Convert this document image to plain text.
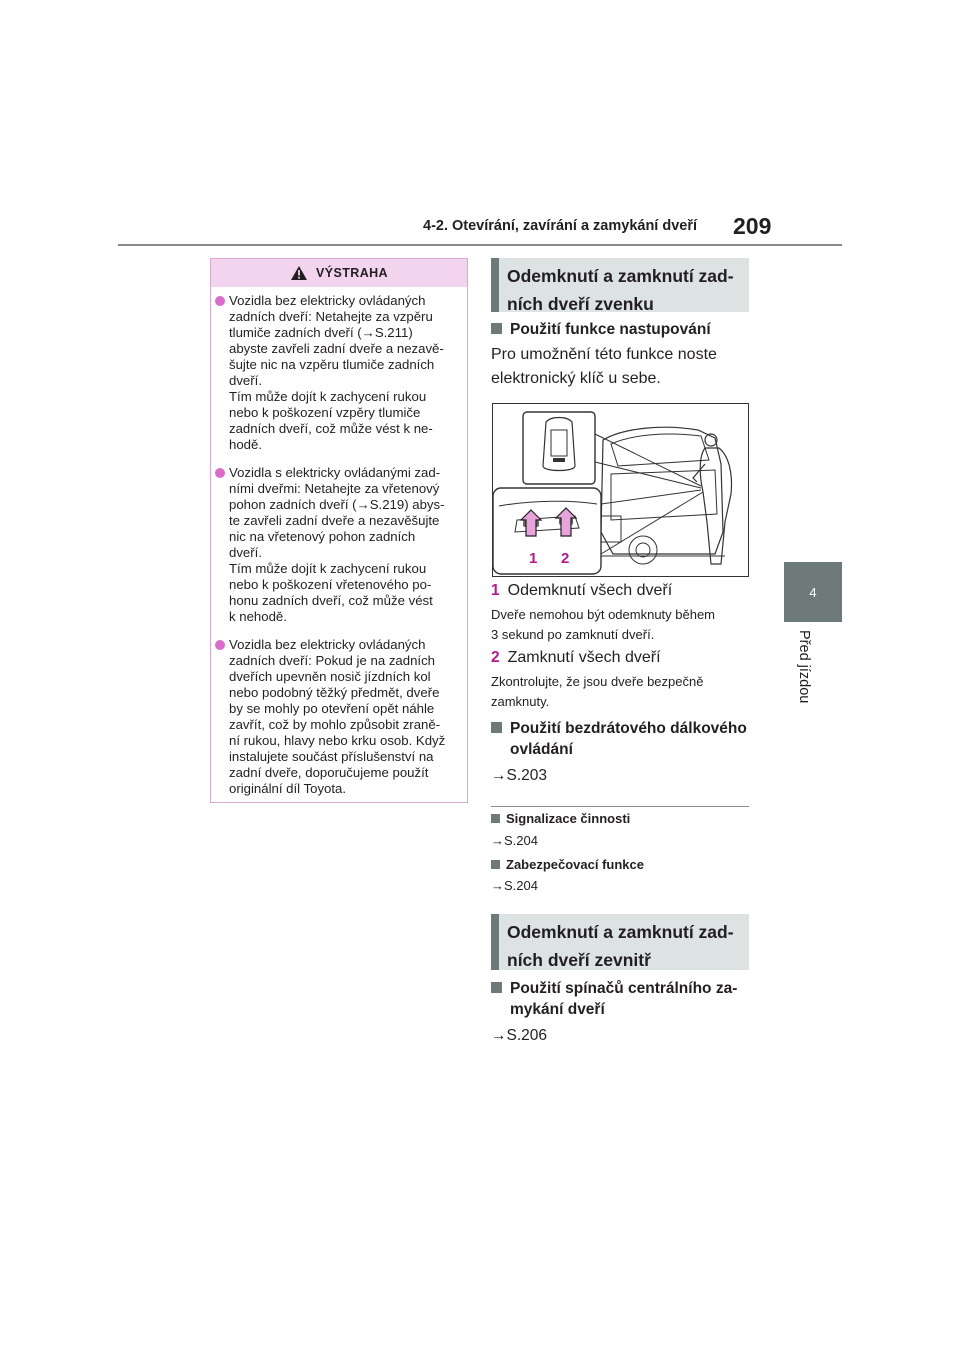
4-2. Otevírání, zavírání a zamykání dveří 209
4
Před jízdou
VÝSTRAHA
Vozidla bez elektricky ovládaných
zadních dveří: Netahejte za vzpěru
tlumiče zadních dveří (→S.211)
abyste zavřeli zadní dveře a nezavě-
šujte nic na vzpěru tlumiče zadních
dveří.
Tím může dojít k zachycení rukou
nebo k poškození vzpěry tlumiče
zadních dveří, což může vést k ne-
hodě.
Vozidla s elektricky ovládanými zad-
ními dveřmi: Netahejte za vřetenový
pohon zadních dveří (→S.219) abys-
te zavřeli zadní dveře a nezavěšujte
nic na vřetenový pohon zadních
dveří.
Tím může dojít k zachycení rukou
nebo k poškození vřetenového po-
honu zadních dveří, což může vést
k nehodě.
Vozidla bez elektricky ovládaných
zadních dveří: Pokud je na zadních
dveřích upevněn nosič jízdních kol
nebo podobný těžký předmět, dveře
by se mohly po otevření opět náhle
zavřít, což by mohlo způsobit zraně-
ní rukou, hlavy nebo krku osob. Když
instalujete součást příslušenství na
zadní dveře, doporučujeme použít
originální díl Toyota.
Odemknutí a zamknutí zad-
ních dveří zvenku
Použití funkce nastupování
Pro umožnění této funkce noste
elektronický klíč u sebe.
1 2
1 Odemknutí všech dveří
Dveře nemohou být odemknuty během
3 sekund po zamknutí dveří.
2 Zamknutí všech dveří
Zkontrolujte, že jsou dveře bezpečně
zamknuty.
Použití bezdrátového dálkového
ovládání
→S.203
Signalizace činnosti
→S.204
Zabezpečovací funkce
→S.204
Odemknutí a zamknutí zad-
ních dveří zevnitř
Použití spínačů centrálního za-
mykání dveří
→S.206
